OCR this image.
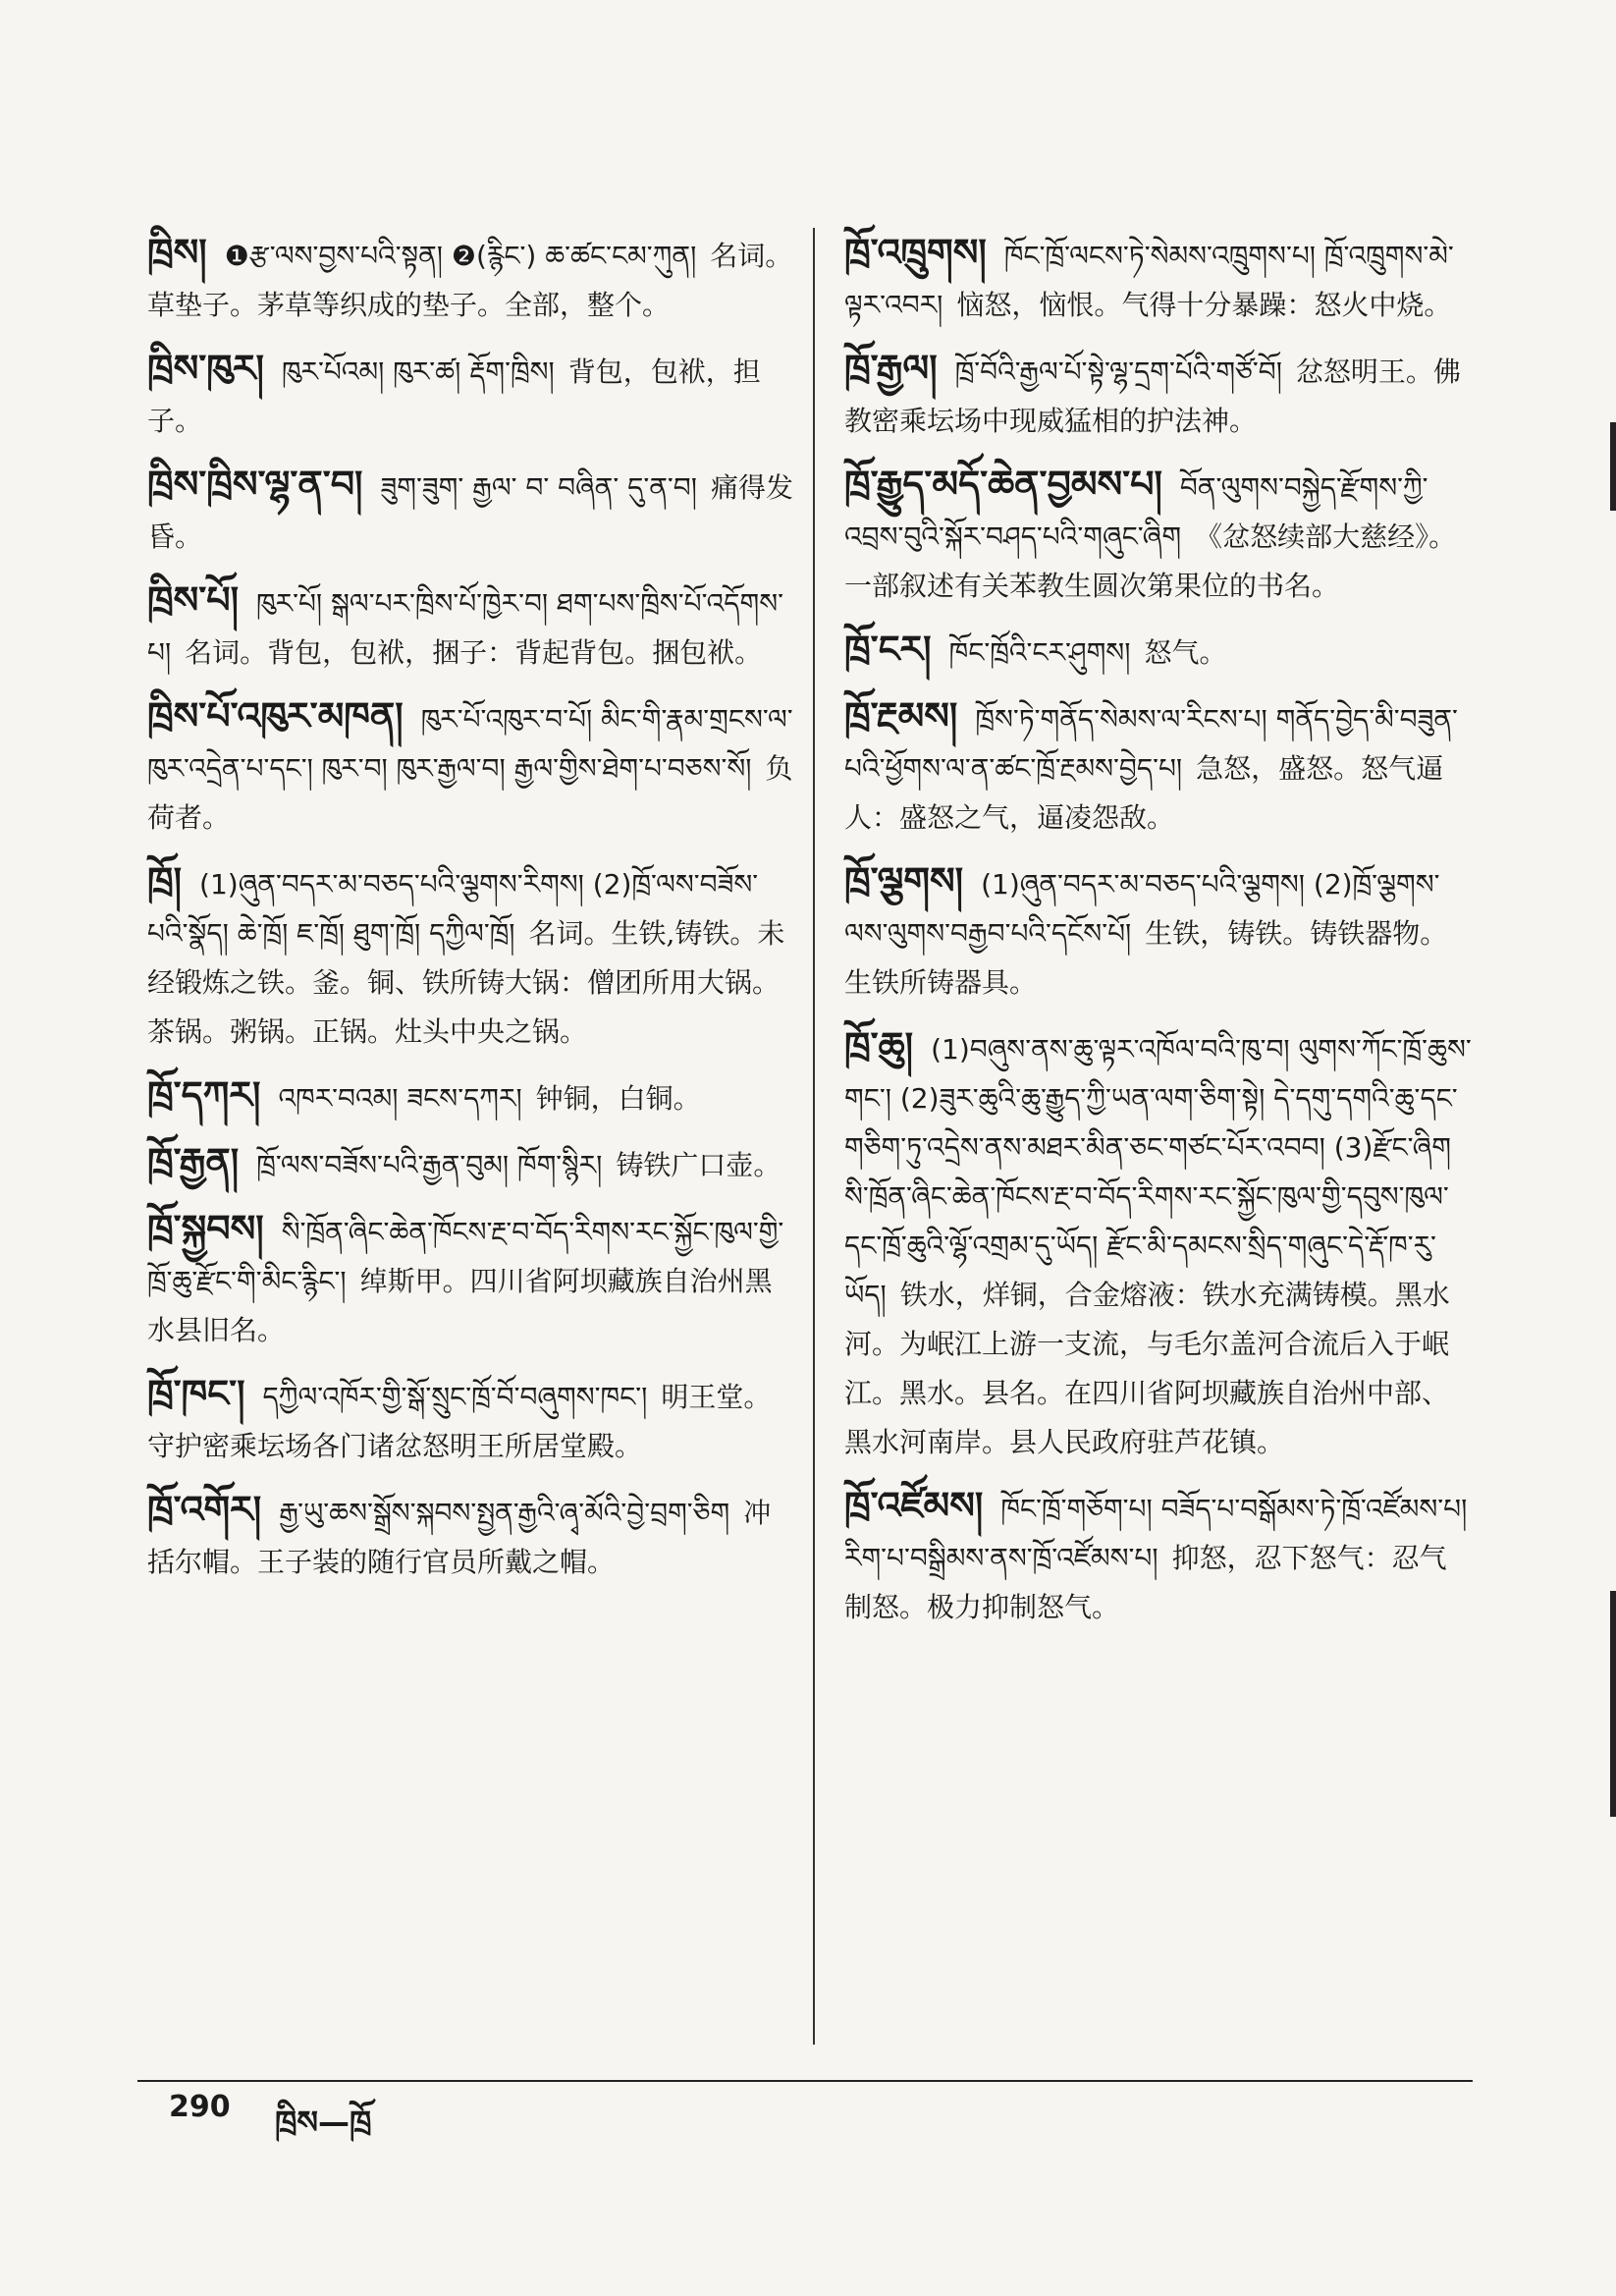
ཁྲིས། ❶རྩ་ལས་བྱས་པའི་སྟན། ❷(རྙིང་) ཆ་ཚང་ངམ་ཀུན། 名词。草垫子。茅草等织成的垫子。全部，整个。
ཁྲིས་ཁུར། ཁུར་པོའམ། ཁུར་ཚ། རྡོག་ཁྲིས། 背包，包袱，担子。
ཁྲིས་ཁྲིས་ལྷ་ན་བ། ཟུག་ཟུག་ རྒྱལ་ བ་ བཞིན་ དུ་ན་བ། 痛得发昏。
ཁྲིས་པོ། ཁུར་པོ། སྒལ་པར་ཁྲིས་པོ་ཁྱེར་བ། ཐག་པས་ཁྲིས་པོ་འདོགས་པ། 名词。背包，包袱，捆子：背起背包。捆包袱。
ཁྲིས་པོ་འཁུར་མཁན། ཁུར་པོ་འཁུར་བ་པོ། མིང་གི་རྣམ་གྲངས་ལ་ཁུར་འདྲེན་པ་དང་། ཁུར་བ། ཁུར་རྒྱལ་བ། རྒྱལ་གྱིས་ཐེག་པ་བཅས་སོ། 负荷者。
ཁྲོ། (1)ཞུན་བདར་མ་བཅད་པའི་ལྕགས་རིགས། (2)ཁྲོ་ལས་བཟོས་པའི་སྣོད། ཆེ་ཁྲོ། ཇ་ཁྲོ། ཐུག་ཁྲོ། དཀྱིལ་ཁྲོ། 名词。生铁,铸铁。未经锻炼之铁。釜。铜、铁所铸大锅：僧团所用大锅。茶锅。粥锅。正锅。灶头中央之锅。
ཁྲོ་དཀར། འཁར་བའམ། ཟངས་དཀར། 钟铜，白铜。
ཁྲོ་རྒྱན། ཁྲོ་ལས་བཟོས་པའི་རྒྱན་བུམ། ཁོག་སྙིར། 铸铁广口壶。
ཁྲོ་སྐྱབས། སི་ཁྲོན་ཞིང་ཆེན་ཁོངས་རྔ་བ་བོད་རིགས་རང་སྐྱོང་ཁུལ་གྱི་ཁྲོ་ཆུ་རྫོང་གི་མིང་རྙིང་། 绰斯甲。四川省阿坝藏族自治州黑水县旧名。
ཁྲོ་ཁང་། དཀྱིལ་འཁོར་གྱི་སྒོ་སྲུང་ཁྲོ་བོ་བཞུགས་ཁང་། 明王堂。守护密乘坛场各门诸忿怒明王所居堂殿。
ཁྲོ་འགོར། རྒྱ་ཡུ་ཆས་སྒྲོས་སྐབས་སྤྱན་རྒྱའི་ཞྭ་མོའི་བྱེ་བྲག་ཅིག 冲括尔帽。王子装的随行官员所戴之帽。
ཁྲོ་འཁྲུགས། ཁོང་ཁྲོ་ལངས་ཏེ་སེམས་འཁྲུགས་པ། ཁྲོ་འཁྲུགས་མེ་ལྟར་འབར། 恼怒，恼恨。气得十分暴躁：怒火中烧。
ཁྲོ་རྒྱལ། ཁྲོ་བོའི་རྒྱལ་པོ་སྟེ་ལྷ་དྲག་པོའི་གཙོ་བོ། 忿怒明王。佛教密乘坛场中现威猛相的护法神。
ཁྲོ་རྒྱུད་མདོ་ཆེན་བྱམས་པ། བོན་ལུགས་བསྐྱེད་རྫོགས་ཀྱི་འབྲས་བུའི་སྐོར་བཤད་པའི་གཞུང་ཞིག 《忿怒续部大慈经》。一部叙述有关苯教生圆次第果位的书名。
ཁྲོ་ངར། ཁོང་ཁྲོའི་ངར་ཤུགས། 怒气。
ཁྲོ་རྔམས། ཁྲོས་ཏེ་གནོད་སེམས་ལ་རིངས་པ། གནོད་བྱེད་མི་བཟུན་པའི་ཕྱོགས་ལ་ན་ཚང་ཁྲོ་རྔམས་བྱེད་པ། 急怒，盛怒。怒气逼人：盛怒之气，逼凌怨敌。
ཁྲོ་ལྕགས། (1)ཞུན་བདར་མ་བཅད་པའི་ལྕགས། (2)ཁྲོ་ལྕགས་ལས་ལུགས་བརྒྱབ་པའི་དངོས་པོ། 生铁，铸铁。铸铁器物。生铁所铸器具。
ཁྲོ་ཆུ། (1)བཞུས་ནས་ཆུ་ལྟར་འཁོལ་བའི་ཁུ་བ། ལུགས་ཀོང་ཁྲོ་ཆུས་གང་། (2)ཟུར་ཆུའི་ཆུ་རྒྱུད་ཀྱི་ཡན་ལག་ཅིག་སྟེ། དེ་དགུ་དགའི་ཆུ་དང་གཅིག་ཏུ་འདྲེས་ནས་མཐར་མིན་ཅང་གཙང་པོར་འབབ། (3)རྫོང་ཞིག སི་ཁྲོན་ཞིང་ཆེན་ཁོངས་རྔ་བ་བོད་རིགས་རང་སྐྱོང་ཁུལ་གྱི་དབུས་ཁུལ་དང་ཁྲོ་ཆུའི་ལྷོ་འགྲམ་དུ་ཡོད། རྫོང་མི་དམངས་སྲིད་གཞུང་དེ་རྡོ་ཁ་རུ་ཡོད། 铁水，烊铜，合金熔液：铁水充满铸模。黑水河。为岷江上游一支流，与毛尔盖河合流后入于岷江。黑水。县名。在四川省阿坝藏族自治州中部、黑水河南岸。县人民政府驻芦花镇。
ཁྲོ་འཛོམས། ཁོང་ཁྲོ་གཅོག་པ། བཟོད་པ་བསྒོམས་ཏེ་ཁྲོ་འཛོམས་པ། རིག་པ་བསྒྲིམས་ནས་ཁྲོ་འཛོམས་པ། 抑怒，忍下怒气：忍气制怒。极力抑制怒气。
290 ཁྲིས—ཁྲོ
